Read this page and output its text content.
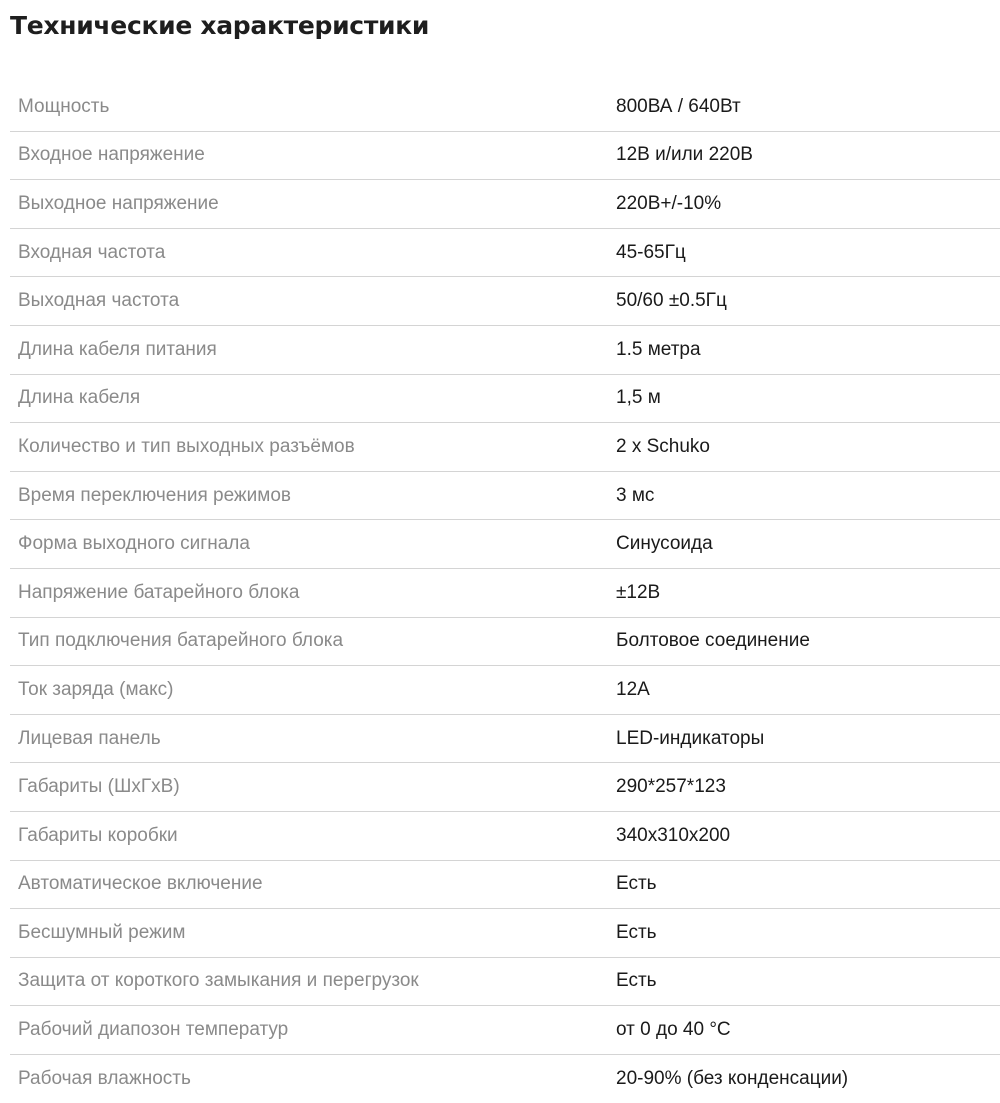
Технические характеристики
Мощность	800ВА / 640Вт
Входное напряжение	12В и/или 220В
Выходное напряжение	220В+/-10%
Входная частота	45-65Гц
Выходная частота	50/60 ±0.5Гц
Длина кабеля питания	1.5 метра
Длина кабеля	1,5 м
Количество и тип выходных разъёмов	2 x Schuko
Время переключения режимов	3 мс
Форма выходного сигнала	Синусоида
Напряжение батарейного блока	±12В
Тип подключения батарейного блока	Болтовое соединение
Ток заряда (макс)	12А
Лицевая панель	LED-индикаторы
Габариты (ШхГхВ)	290*257*123
Габариты коробки	340x310x200
Автоматическое включение	Есть
Бесшумный режим	Есть
Защита от короткого замыкания и перегрузок	Есть
Рабочий диапозон температур	от 0 до 40 °С
Рабочая влажность	20-90% (без конденсации)
